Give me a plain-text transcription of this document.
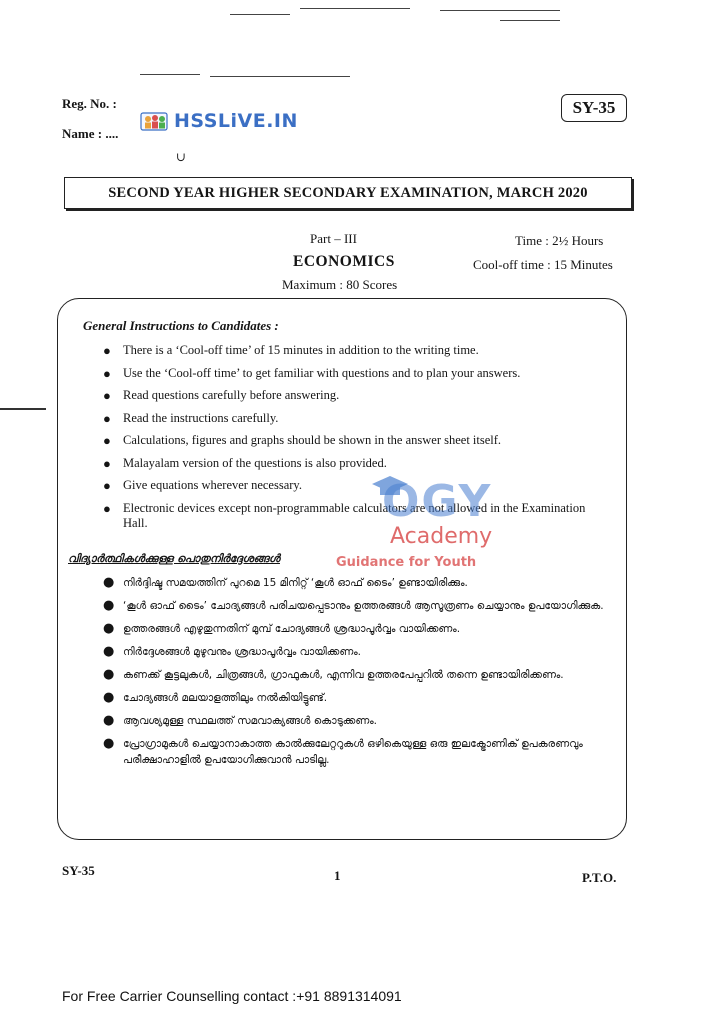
Reg. No. :
Name : ....
HSSLiVE.IN
SY-35
∪
SECOND YEAR HIGHER SECONDARY EXAMINATION, MARCH 2020
Part – III
ECONOMICS
Maximum : 80 Scores
Time : 2½ Hours
Cool-off time : 15 Minutes
General Instructions to Candidates :
● There is a ‘Cool-off time’ of 15 minutes in addition to the writing time.
● Use the ‘Cool-off time’ to get familiar with questions and to plan your answers.
● Read questions carefully before answering.
● Read the instructions carefully.
● Calculations, figures and graphs should be shown in the answer sheet itself.
● Malayalam version of the questions is also provided.
● Give equations wherever necessary.
● Electronic devices except non-programmable calculators are not allowed in the Examination Hall.	OGY
Academy
Guidance for Youth
വിദ്യാർത്ഥികൾക്കുള്ള പൊതുനിർദ്ദേശങ്ങൾ
● നിർദ്ദിഷ്ട സമയത്തിന് പുറമെ 15 മിനിറ്റ് ‘കൂൾ ഓഫ് ടൈം’ ഉണ്ടായിരിക്കും.
● ‘കൂൾ ഓഫ് ടൈം’ ചോദ്യങ്ങൾ പരിചയപ്പെടാനും ഉത്തരങ്ങൾ ആസൂത്രണം ചെയ്യാനും ഉപയോഗിക്കുക.
● ഉത്തരങ്ങൾ എഴുതുന്നതിന് മുമ്പ് ചോദ്യങ്ങൾ ശ്രദ്ധാപൂർവ്വം വായിക്കണം.
● നിർദ്ദേശങ്ങൾ മുഴുവനും ശ്രദ്ധാപൂർവ്വം വായിക്കണം.
● കണക്ക് കൂട്ടലുകൾ, ചിത്രങ്ങൾ, ഗ്രാഫുകൾ, എന്നിവ ഉത്തരപേപ്പറിൽ തന്നെ ഉണ്ടായിരിക്കണം.
● ചോദ്യങ്ങൾ മലയാളത്തിലും നൽകിയിട്ടുണ്ട്.
● ആവശ്യമുള്ള സ്ഥലത്ത് സമവാക്യങ്ങൾ കൊടുക്കണം.
● പ്രോഗ്രാമുകൾ ചെയ്യാനാകാത്ത കാൽക്കുലേറ്ററുകൾ ഒഴികെയുള്ള ഒരു ഇലക്ട്രോണിക് ഉപകരണവും പരീക്ഷാഹാളിൽ ഉപയോഗിക്കുവാൻ പാടില്ല.
SY-35	1	P.T.O.
For Free Carrier Counselling contact :+91 8891314091
